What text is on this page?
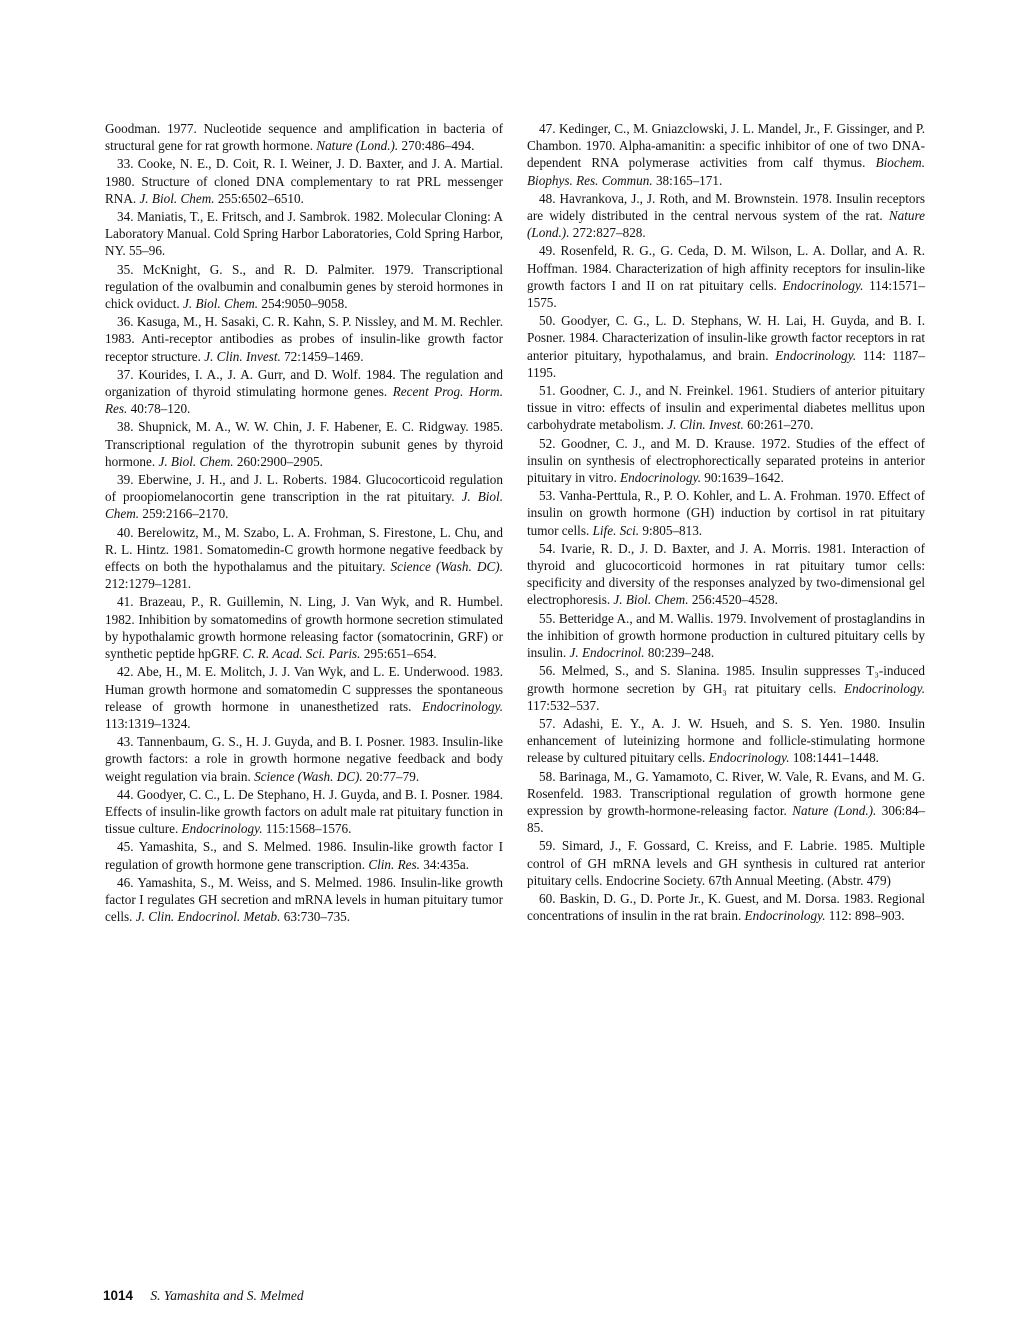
Goodman. 1977. Nucleotide sequence and amplification in bacteria of structural gene for rat growth hormone. Nature (Lond.). 270:486–494.

33. Cooke, N. E., D. Coit, R. I. Weiner, J. D. Baxter, and J. A. Martial. 1980. Structure of cloned DNA complementary to rat PRL messenger RNA. J. Biol. Chem. 255:6502–6510.

34. Maniatis, T., E. Fritsch, and J. Sambrok. 1982. Molecular Cloning: A Laboratory Manual. Cold Spring Harbor Laboratories, Cold Spring Harbor, NY. 55–96.

35. McKnight, G. S., and R. D. Palmiter. 1979. Transcriptional regulation of the ovalbumin and conalbumin genes by steroid hormones in chick oviduct. J. Biol. Chem. 254:9050–9058.

36. Kasuga, M., H. Sasaki, C. R. Kahn, S. P. Nissley, and M. M. Rechler. 1983. Anti-receptor antibodies as probes of insulin-like growth factor receptor structure. J. Clin. Invest. 72:1459–1469.

37. Kourides, I. A., J. A. Gurr, and D. Wolf. 1984. The regulation and organization of thyroid stimulating hormone genes. Recent Prog. Horm. Res. 40:78–120.

38. Shupnick, M. A., W. W. Chin, J. F. Habener, E. C. Ridgway. 1985. Transcriptional regulation of the thyrotropin subunit genes by thyroid hormone. J. Biol. Chem. 260:2900–2905.

39. Eberwine, J. H., and J. L. Roberts. 1984. Glucocorticoid regulation of proopiomelanocortin gene transcription in the rat pituitary. J. Biol. Chem. 259:2166–2170.

40. Berelowitz, M., M. Szabo, L. A. Frohman, S. Firestone, L. Chu, and R. L. Hintz. 1981. Somatomedin-C growth hormone negative feedback by effects on both the hypothalamus and the pituitary. Science (Wash. DC). 212:1279–1281.

41. Brazeau, P., R. Guillemin, N. Ling, J. Van Wyk, and R. Humbel. 1982. Inhibition by somatomedins of growth hormone secretion stimulated by hypothalamic growth hormone releasing factor (somatocrinin, GRF) or synthetic peptide hpGRF. C. R. Acad. Sci. Paris. 295:651–654.

42. Abe, H., M. E. Molitch, J. J. Van Wyk, and L. E. Underwood. 1983. Human growth hormone and somatomedin C suppresses the spontaneous release of growth hormone in unanesthetized rats. Endocrinology. 113:1319–1324.

43. Tannenbaum, G. S., H. J. Guyda, and B. I. Posner. 1983. Insulin-like growth factors: a role in growth hormone negative feedback and body weight regulation via brain. Science (Wash. DC). 20:77–79.

44. Goodyer, C. C., L. De Stephano, H. J. Guyda, and B. I. Posner. 1984. Effects of insulin-like growth factors on adult male rat pituitary function in tissue culture. Endocrinology. 115:1568–1576.

45. Yamashita, S., and S. Melmed. 1986. Insulin-like growth factor I regulation of growth hormone gene transcription. Clin. Res. 34:435a.

46. Yamashita, S., M. Weiss, and S. Melmed. 1986. Insulin-like growth factor I regulates GH secretion and mRNA levels in human pituitary tumor cells. J. Clin. Endocrinol. Metab. 63:730–735.

47. Kedinger, C., M. Gniazclowski, J. L. Mandel, Jr., F. Gissinger, and P. Chambon. 1970. Alpha-amanitin: a specific inhibitor of one of two DNA-dependent RNA polymerase activities from calf thymus. Biochem. Biophys. Res. Commun. 38:165–171.

48. Havrankova, J., J. Roth, and M. Brownstein. 1978. Insulin receptors are widely distributed in the central nervous system of the rat. Nature (Lond.). 272:827–828.

49. Rosenfeld, R. G., G. Ceda, D. M. Wilson, L. A. Dollar, and A. R. Hoffman. 1984. Characterization of high affinity receptors for insulin-like growth factors I and II on rat pituitary cells. Endocrinology. 114:1571–1575.

50. Goodyer, C. G., L. D. Stephans, W. H. Lai, H. Guyda, and B. I. Posner. 1984. Characterization of insulin-like growth factor receptors in rat anterior pituitary, hypothalamus, and brain. Endocrinology. 114: 1187–1195.

51. Goodner, C. J., and N. Freinkel. 1961. Studiers of anterior pituitary tissue in vitro: effects of insulin and experimental diabetes mellitus upon carbohydrate metabolism. J. Clin. Invest. 60:261–270.

52. Goodner, C. J., and M. D. Krause. 1972. Studies of the effect of insulin on synthesis of electrophorectically separated proteins in anterior pituitary in vitro. Endocrinology. 90:1639–1642.

53. Vanha-Perttula, R., P. O. Kohler, and L. A. Frohman. 1970. Effect of insulin on growth hormone (GH) induction by cortisol in rat pituitary tumor cells. Life. Sci. 9:805–813.

54. Ivarie, R. D., J. D. Baxter, and J. A. Morris. 1981. Interaction of thyroid and glucocorticoid hormones in rat pituitary tumor cells: specificity and diversity of the responses analyzed by two-dimensional gel electrophoresis. J. Biol. Chem. 256:4520–4528.

55. Betteridge A., and M. Wallis. 1979. Involvement of prostaglandins in the inhibition of growth hormone production in cultured pituitary cells by insulin. J. Endocrinol. 80:239–248.

56. Melmed, S., and S. Slanina. 1985. Insulin suppresses T₃-induced growth hormone secretion by GH₃ rat pituitary cells. Endocrinology. 117:532–537.

57. Adashi, E. Y., A. J. W. Hsueh, and S. S. Yen. 1980. Insulin enhancement of luteinizing hormone and follicle-stimulating hormone release by cultured pituitary cells. Endocrinology. 108:1441–1448.

58. Barinaga, M., G. Yamamoto, C. River, W. Vale, R. Evans, and M. G. Rosenfeld. 1983. Transcriptional regulation of growth hormone gene expression by growth-hormone-releasing factor. Nature (Lond.). 306:84–85.

59. Simard, J., F. Gossard, C. Kreiss, and F. Labrie. 1985. Multiple control of GH mRNA levels and GH synthesis in cultured rat anterior pituitary cells. Endocrine Society. 67th Annual Meeting. (Abstr. 479)

60. Baskin, D. G., D. Porte Jr., K. Guest, and M. Dorsa. 1983. Regional concentrations of insulin in the rat brain. Endocrinology. 112: 898–903.

1014 S. Yamashita and S. Melmed
